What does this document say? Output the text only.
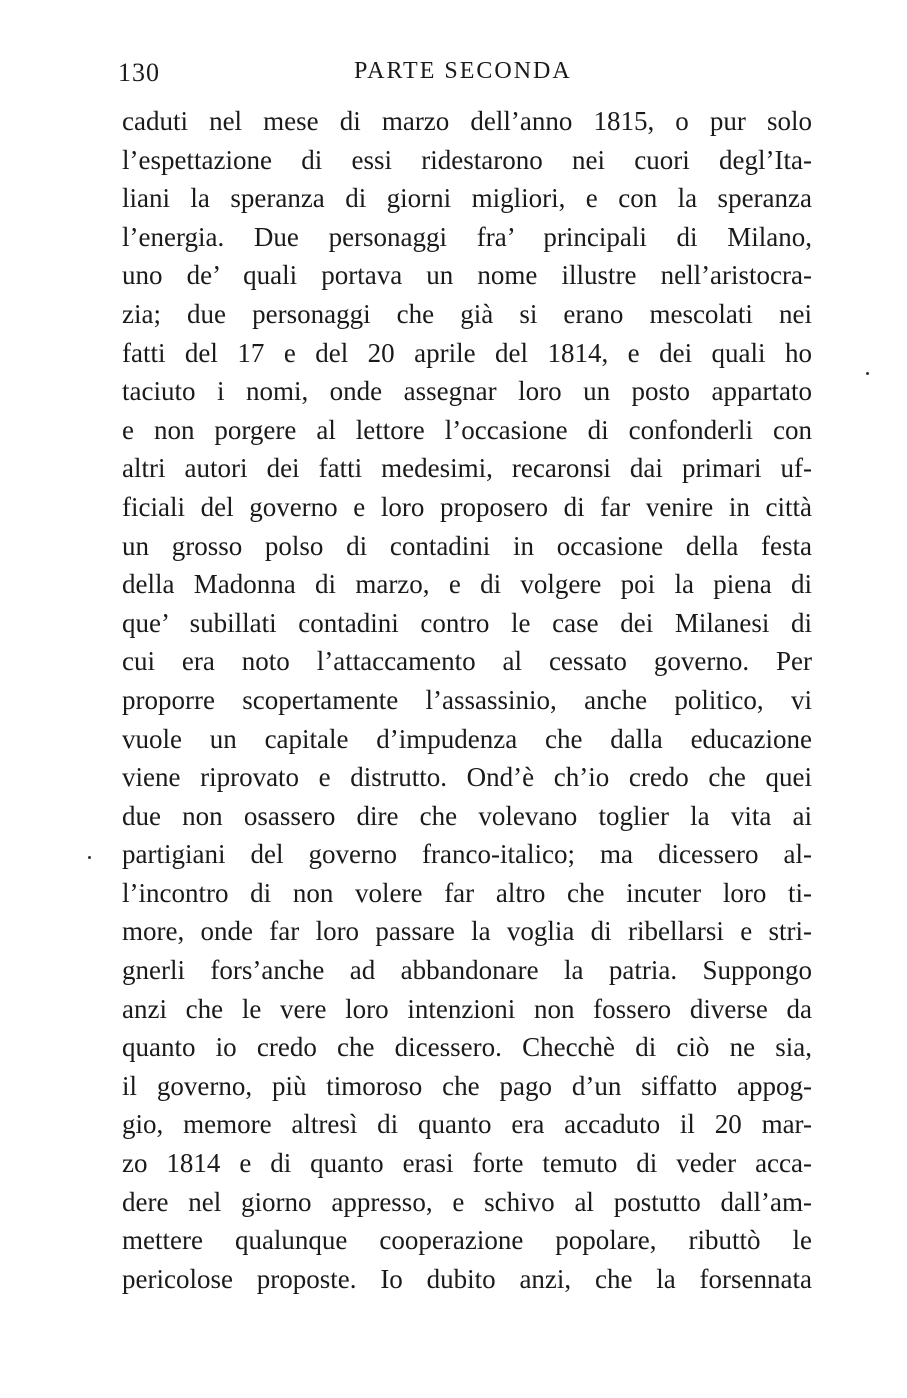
130	PARTE SECONDA
caduti nel mese di marzo dell’anno 1815, o pur solo
l’espettazione di essi ridestarono nei cuori degl’Ita-
liani la speranza di giorni migliori, e con la speranza
l’energia. Due personaggi fra’ principali di Milano,
uno de’ quali portava un nome illustre nell’aristocra-
zia; due personaggi che già si erano mescolati nei
fatti del 17 e del 20 aprile del 1814, e dei quali ho
taciuto i nomi, onde assegnar loro un posto appartato
e non porgere al lettore l’occasione di confonderli con
altri autori dei fatti medesimi, recaronsi dai primari uf-
ficiali del governo e loro proposero di far venire in città
un grosso polso di contadini in occasione della festa
della Madonna di marzo, e di volgere poi la piena di
que’ subillati contadini contro le case dei Milanesi di
cui era noto l’attaccamento al cessato governo. Per
proporre scopertamente l’assassinio, anche politico, vi
vuole un capitale d’impudenza che dalla educazione
viene riprovato e distrutto. Ond’è ch’io credo che quei
due non osassero dire che volevano toglier la vita ai
partigiani del governo franco-italico; ma dicessero al-
l’incontro di non volere far altro che incuter loro ti-
more, onde far loro passare la voglia di ribellarsi e stri-
gnerli fors’anche ad abbandonare la patria. Suppongo
anzi che le vere loro intenzioni non fossero diverse da
quanto io credo che dicessero. Checchè di ciò ne sia,
il governo, più timoroso che pago d’un siffatto appog-
gio, memore altresì di quanto era accaduto il 20 mar-
zo 1814 e di quanto erasi forte temuto di veder acca-
dere nel giorno appresso, e schivo al postutto dall’am-
mettere qualunque cooperazione popolare, ributtò le
pericolose proposte. Io dubito anzi, che la forsennata
